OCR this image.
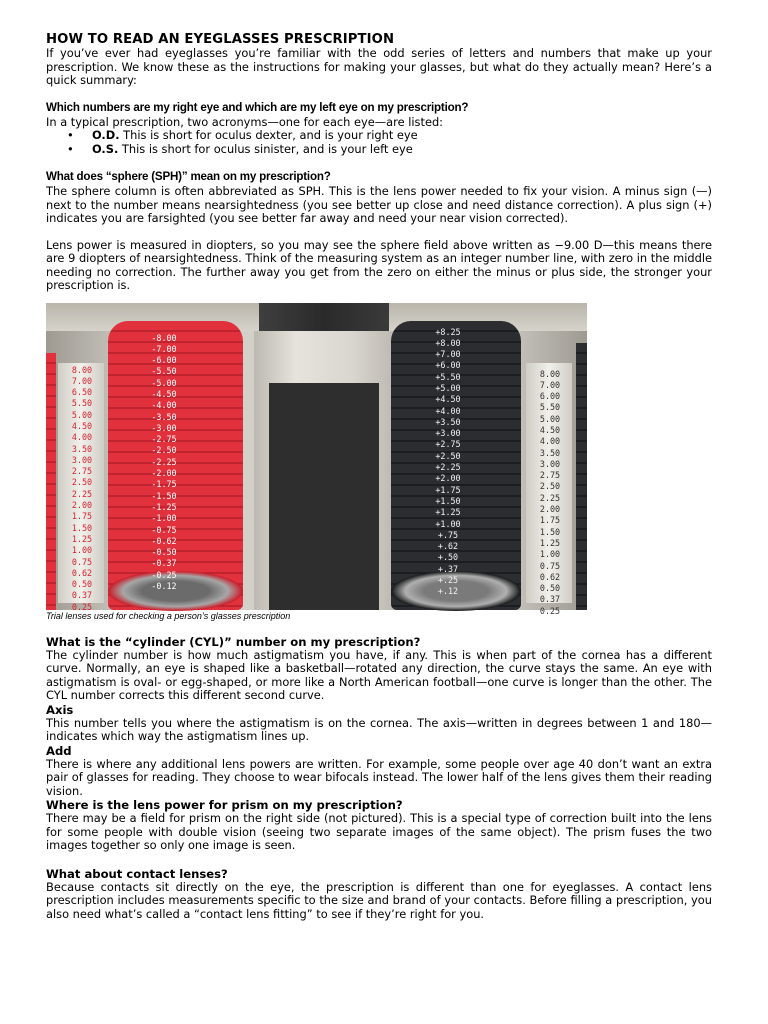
HOW TO READ AN EYEGLASSES PRESCRIPTION

If you’ve ever had eyeglasses you’re familiar with the odd series of letters and numbers that make up your prescription. We know these as the instructions for making your glasses, but what do they actually mean? Here’s a quick summary:

Which numbers are my right eye and which are my left eye on my prescription?

In a typical prescription, two acronyms—one for each eye—are listed:

• O.D. This is short for oculus dexter, and is your right eye
• O.S. This is short for oculus sinister, and is your left eye
What does “sphere (SPH)” mean on my prescription?

The sphere column is often abbreviated as SPH. This is the lens power needed to fix your vision. A minus sign (—) next to the number means nearsightedness (you see better up close and need distance correction). A plus sign (+) indicates you are farsighted (you see better far away and need your near vision corrected).

Lens power is measured in diopters, so you may see the sphere field above written as −9.00 D—this means there are 9 diopters of nearsightedness. Think of the measuring system as an integer number line, with zero in the middle needing no correction. The further away you get from the zero on either the minus or plus side, the stronger your prescription is.

8.00
7.00
6.50
5.50
5.00
4.50
4.00
3.50
3.00
2.75
2.50
2.25
2.00
1.75
1.50
1.25
1.00
0.75
0.62
0.50
0.37
0.25
-8.00
-7.00
-6.00
-5.50
-5.00
-4.50
-4.00
-3.50
-3.00
-2.75
-2.50
-2.25
-2.00
-1.75
-1.50
-1.25
-1.00
-0.75
-0.62
-0.50
-0.37
-0.25
-0.12
+8.25
+8.00
+7.00
+6.00
+5.50
+5.00
+4.50
+4.00
+3.50
+3.00
+2.75
+2.50
+2.25
+2.00
+1.75
+1.50
+1.25
+1.00
+.75
+.62
+.50
+.37
+.25
+.12
8.00
7.00
6.00
5.50
5.00
4.50
4.00
3.50
3.00
2.75
2.50
2.25
2.00
1.75
1.50
1.25
1.00
0.75
0.62
0.50
0.37
0.25
Trial lenses used for checking a person’s glasses prescription
What is the “cylinder (CYL)” number on my prescription?

The cylinder number is how much astigmatism you have, if any. This is when part of the cornea has a different curve. Normally, an eye is shaped like a basketball—rotated any direction, the curve stays the same. An eye with astigmatism is oval- or egg-shaped, or more like a North American football—one curve is longer than the other. The CYL number corrects this different second curve.

Axis

This number tells you where the astigmatism is on the cornea. The axis—written in degrees between 1 and 180—indicates which way the astigmatism lines up.

Add

There is where any additional lens powers are written. For example, some people over age 40 don’t want an extra pair of glasses for reading. They choose to wear bifocals instead. The lower half of the lens gives them their reading vision.

Where is the lens power for prism on my prescription?

There may be a field for prism on the right side (not pictured). This is a special type of correction built into the lens for some people with double vision (seeing two separate images of the same object). The prism fuses the two images together so only one image is seen.

What about contact lenses?

Because contacts sit directly on the eye, the prescription is different than one for eyeglasses. A contact lens prescription includes measurements specific to the size and brand of your contacts. Before filling a prescription, you also need what’s called a “contact lens fitting” to see if they’re right for you.
